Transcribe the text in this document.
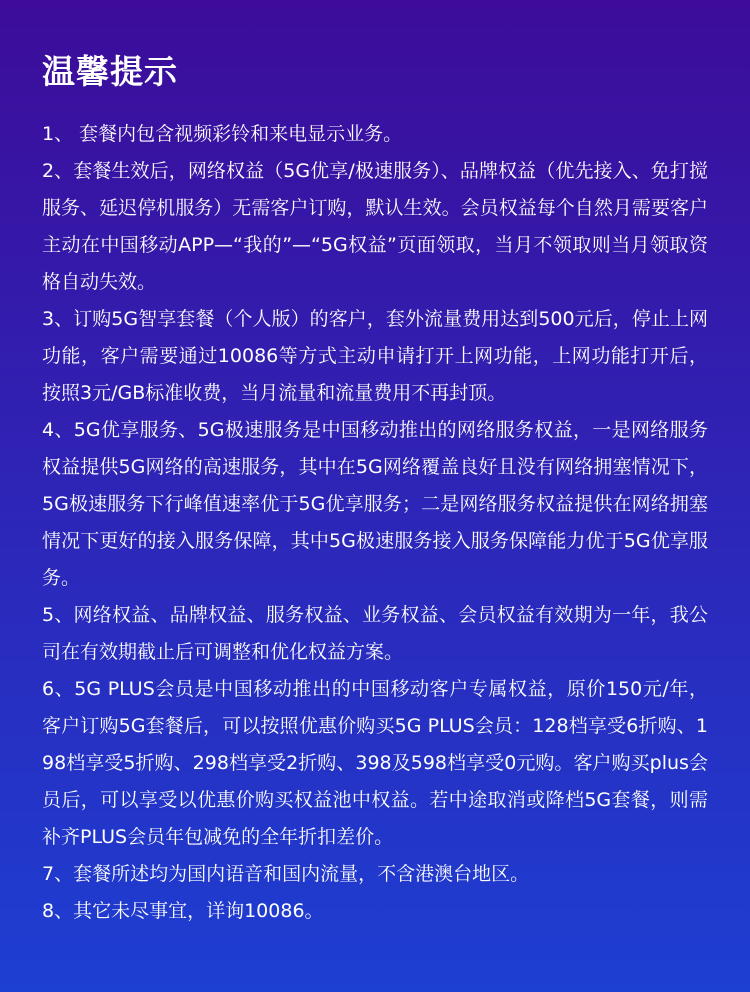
温馨提示

1、 套餐内包含视频彩铃和来电显示业务。

2、套餐生效后，网络权益（5G优享/极速服务）、品牌权益（优先接入、免打搅服务、延迟停机服务）无需客户订购，默认生效。会员权益每个自然月需要客户主动在中国移动APP—“我的”—“5G权益”页面领取，当月不领取则当月领取资格自动失效。

3、订购5G智享套餐（个人版）的客户，套外流量费用达到500元后，停止上网功能，客户需要通过10086等方式主动申请打开上网功能，上网功能打开后，按照3元/GB标准收费，当月流量和流量费用不再封顶。

4、5G优享服务、5G极速服务是中国移动推出的网络服务权益，一是网络服务权益提供5G网络的高速服务，其中在5G网络覆盖良好且没有网络拥塞情况下，5G极速服务下行峰值速率优于5G优享服务；二是网络服务权益提供在网络拥塞情况下更好的接入服务保障，其中5G极速服务接入服务保障能力优于5G优享服务。

5、网络权益、品牌权益、服务权益、业务权益、会员权益有效期为一年，我公司在有效期截止后可调整和优化权益方案。

6、5G PLUS会员是中国移动推出的中国移动客户专属权益，原价150元/年，客户订购5G套餐后，可以按照优惠价购买5G PLUS会员：128档享受6折购、198档享受5折购、298档享受2折购、398及598档享受0元购。客户购买plus会员后，可以享受以优惠价购买权益池中权益。若中途取消或降档5G套餐，则需补齐PLUS会员年包减免的全年折扣差价。

7、套餐所述均为国内语音和国内流量，不含港澳台地区。

8、其它未尽事宜，详询10086。
